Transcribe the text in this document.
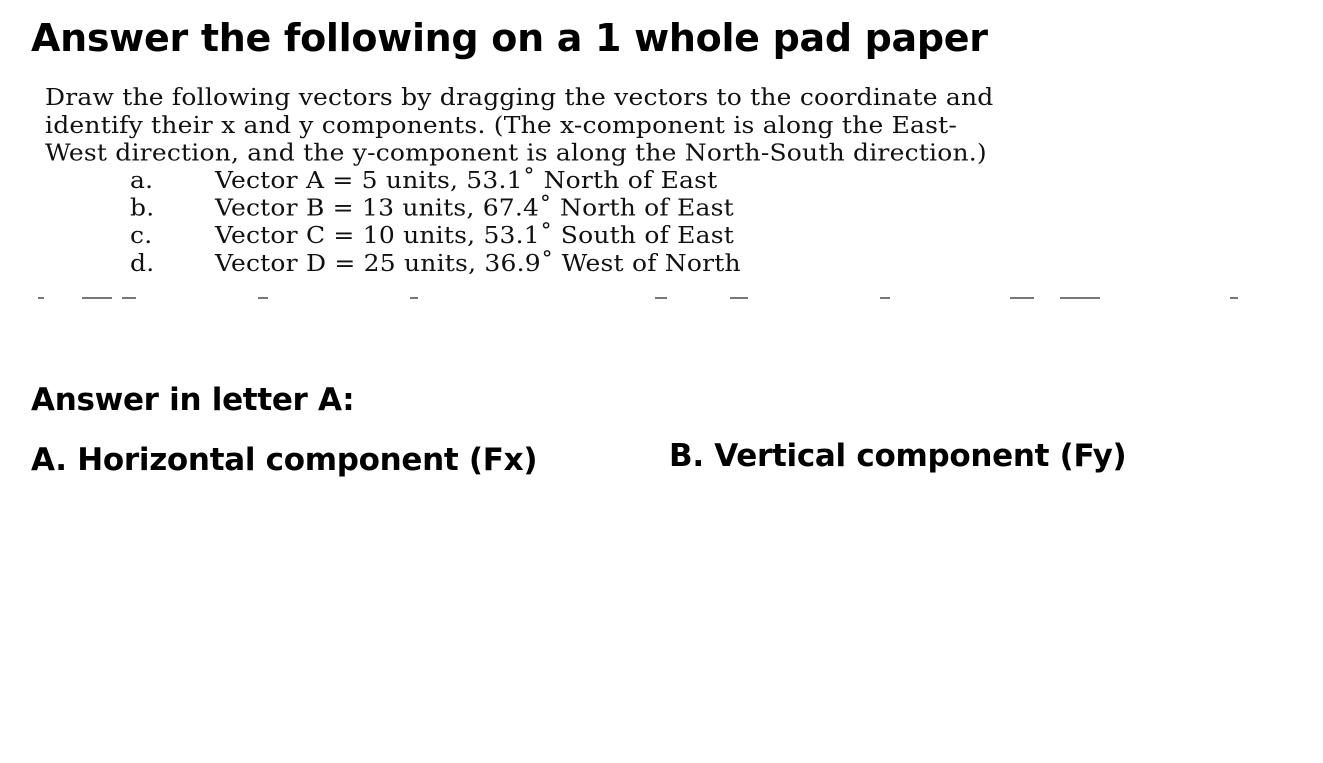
Answer the following on a 1 whole pad paper

Draw the following vectors by dragging the vectors to the coordinate and

identify their x and y components. (The x-component is along the East-

West direction, and the y-component is along the North-South direction.)

a.	Vector A = 5 units, 53.1˚ North of East
b.	Vector B = 13 units, 67.4˚ North of East
c.	Vector C = 10 units, 53.1˚ South of East
d.	Vector D = 25 units, 36.9˚ West of North
Answer in letter A:
A. Horizontal component (Fx)	B. Vertical component (Fy)
